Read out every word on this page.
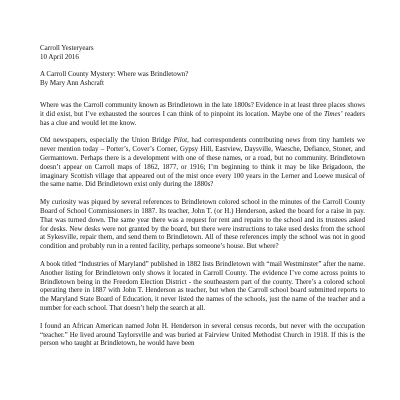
Carroll Yesteryears
10 April 2016
A Carroll County Mystery: Where was Brindletown?
By Mary Ann Ashcraft

Where was the Carroll community known as Brindletown in the late 1800s? Evidence in at least three places shows it did exist, but I’ve exhausted the sources I can think of to pinpoint its location. Maybe one of the Times’ readers has a clue and would let me know.

Old newspapers, especially the Union Bridge Pilot, had correspondents contributing news from tiny hamlets we never mention today – Porter’s, Cover’s Corner, Gypsy Hill, Eastview, Daysville, Waesche, Defiance, Stoner, and Germantown. Perhaps there is a development with one of these names, or a road, but no community. Brindletown doesn’t appear on Carroll maps of 1862, 1877, or 1916; I’m beginning to think it may be like Brigadoon, the imaginary Scottish village that appeared out of the mist once every 100 years in the Lerner and Loewe musical of the same name. Did Brindletown exist only during the 1880s?

My curiosity was piqued by several references to Brindletown colored school in the minutes of the Carroll County Board of School Commissioners in 1887. Its teacher, John T. (or H.) Henderson, asked the board for a raise in pay. That was turned down. The same year there was a request for rent and repairs to the school and its trustees asked for desks. New desks were not granted by the board, but there were instructions to take used desks from the school at Sykesville, repair them, and send them to Brindletown. All of these references imply the school was not in good condition and probably run in a rented facility, perhaps someone’s house. But where?

A book titled “Industries of Maryland” published in 1882 lists Brindletown with “mail Westminster” after the name. Another listing for Brindletown only shows it located in Carroll County. The evidence I’ve come across points to Brindletown being in the Freedom Election District - the southeastern part of the county. There’s a colored school operating there in 1887 with John T. Henderson as teacher, but when the Carroll school board submitted reports to the Maryland State Board of Education, it never listed the names of the schools, just the name of the teacher and a number for each school. That doesn’t help the search at all.

I found an African American named John H. Henderson in several census records, but never with the occupation “teacher.” He lived around Taylorsville and was buried at Fairview United Methodist Church in 1918. If this is the person who taught at Brindletown, he would have been
